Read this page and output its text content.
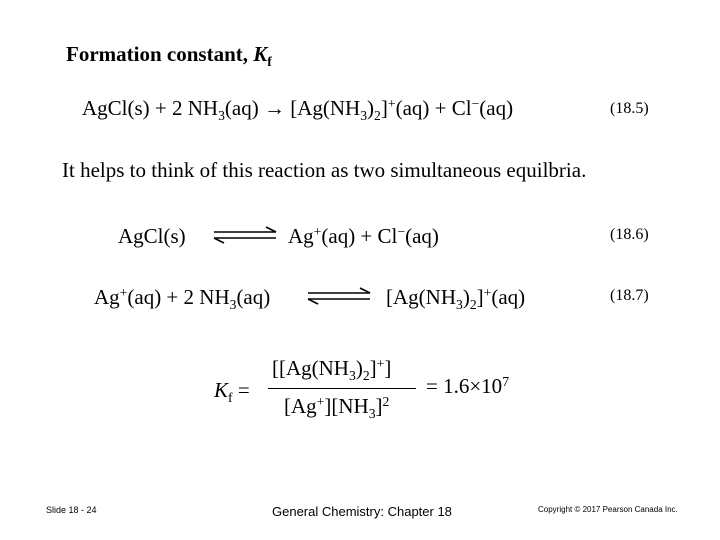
Formation constant, $K_f$
AgCl(s) + 2 $NH_3(aq) \to [Ag(NH_3)_2]^+(aq) + Cl^-(aq)$	(18.5)
It helps to think of this reaction as two simultaneous equilbria.
AgCl(s)	Ag+(aq) + Cl−(aq)	(18.6)
Ag+(aq) + 2 $NH_3(aq)$	$[Ag(NH_3)_2]^+(aq)$	(18.7)
$K_f$ =
$[[Ag(NH_3)_2]^+]$
$[Ag^+][NH_3]^2$
= $1.6\times 10^7$
Slide 18 - 24	General Chemistry: Chapter 18	Copyright © 2017 Pearson Canada Inc.
